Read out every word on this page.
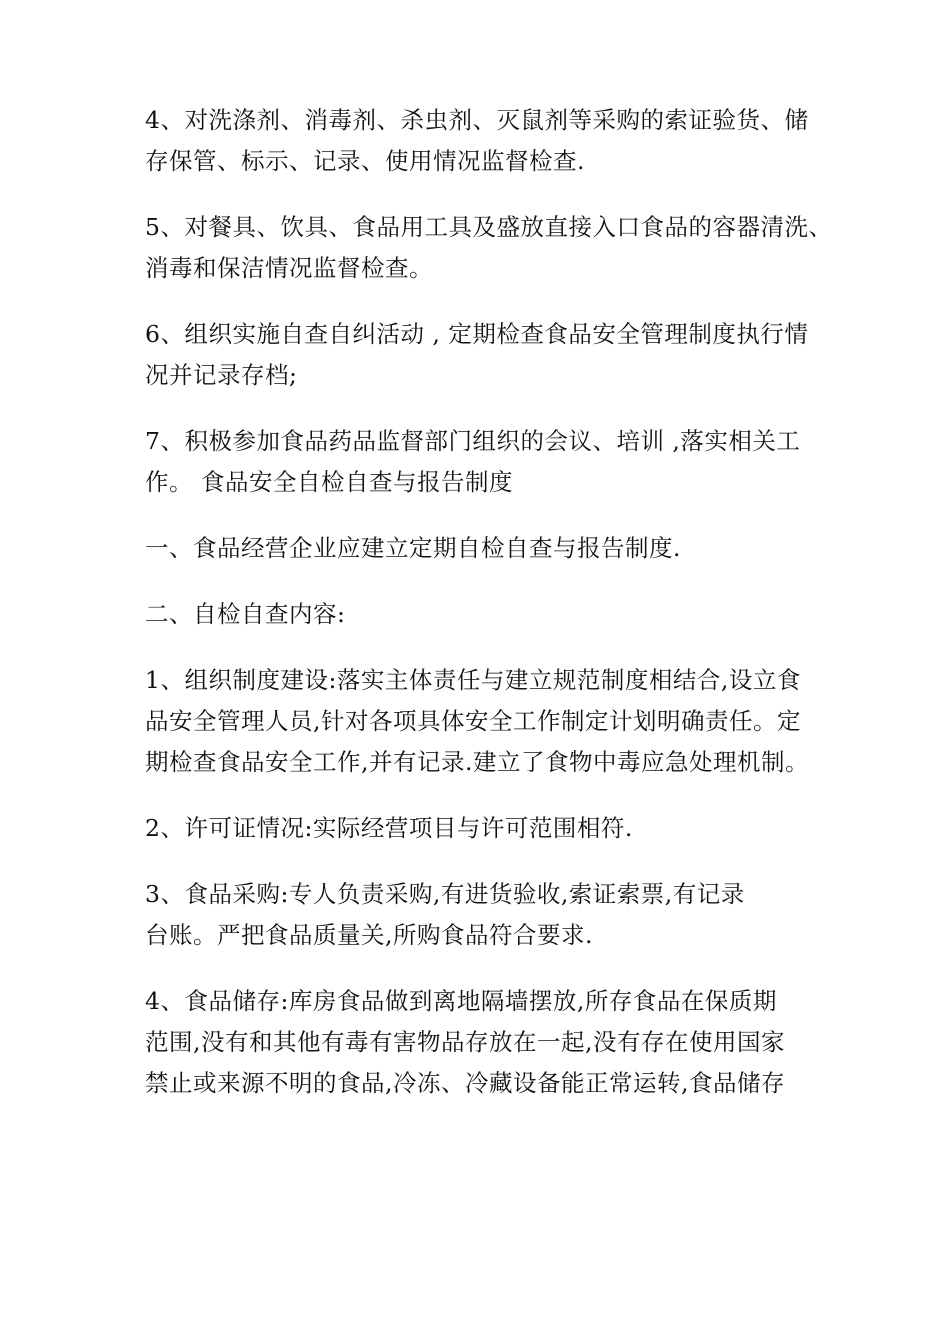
4、对洗涤剂、消毒剂、杀虫剂、灭鼠剂等采购的索证验货、储
存保管、标示、记录、使用情况监督检查.

5、对餐具、饮具、食品用工具及盛放直接入口食品的容器清洗、
消毒和保洁情况监督检查。

6、组织实施自查自纠活动 , 定期检查食品安全管理制度执行情
况并记录存档;

7、积极参加食品药品监督部门组织的会议、培训 ,落实相关工
作。 食品安全自检自查与报告制度

一、食品经营企业应建立定期自检自查与报告制度.

二、自检自查内容:

1、组织制度建设:落实主体责任与建立规范制度相结合,设立食
品安全管理人员,针对各项具体安全工作制定计划明确责任。定
期检查食品安全工作,并有记录.建立了食物中毒应急处理机制。

2、许可证情况:实际经营项目与许可范围相符.

3、食品采购:专人负责采购,有进货验收,索证索票,有记录
台账。严把食品质量关,所购食品符合要求.

4、食品储存:库房食品做到离地隔墙摆放,所存食品在保质期
范围,没有和其他有毒有害物品存放在一起,没有存在使用国家
禁止或来源不明的食品,冷冻、冷藏设备能正常运转,食品储存
